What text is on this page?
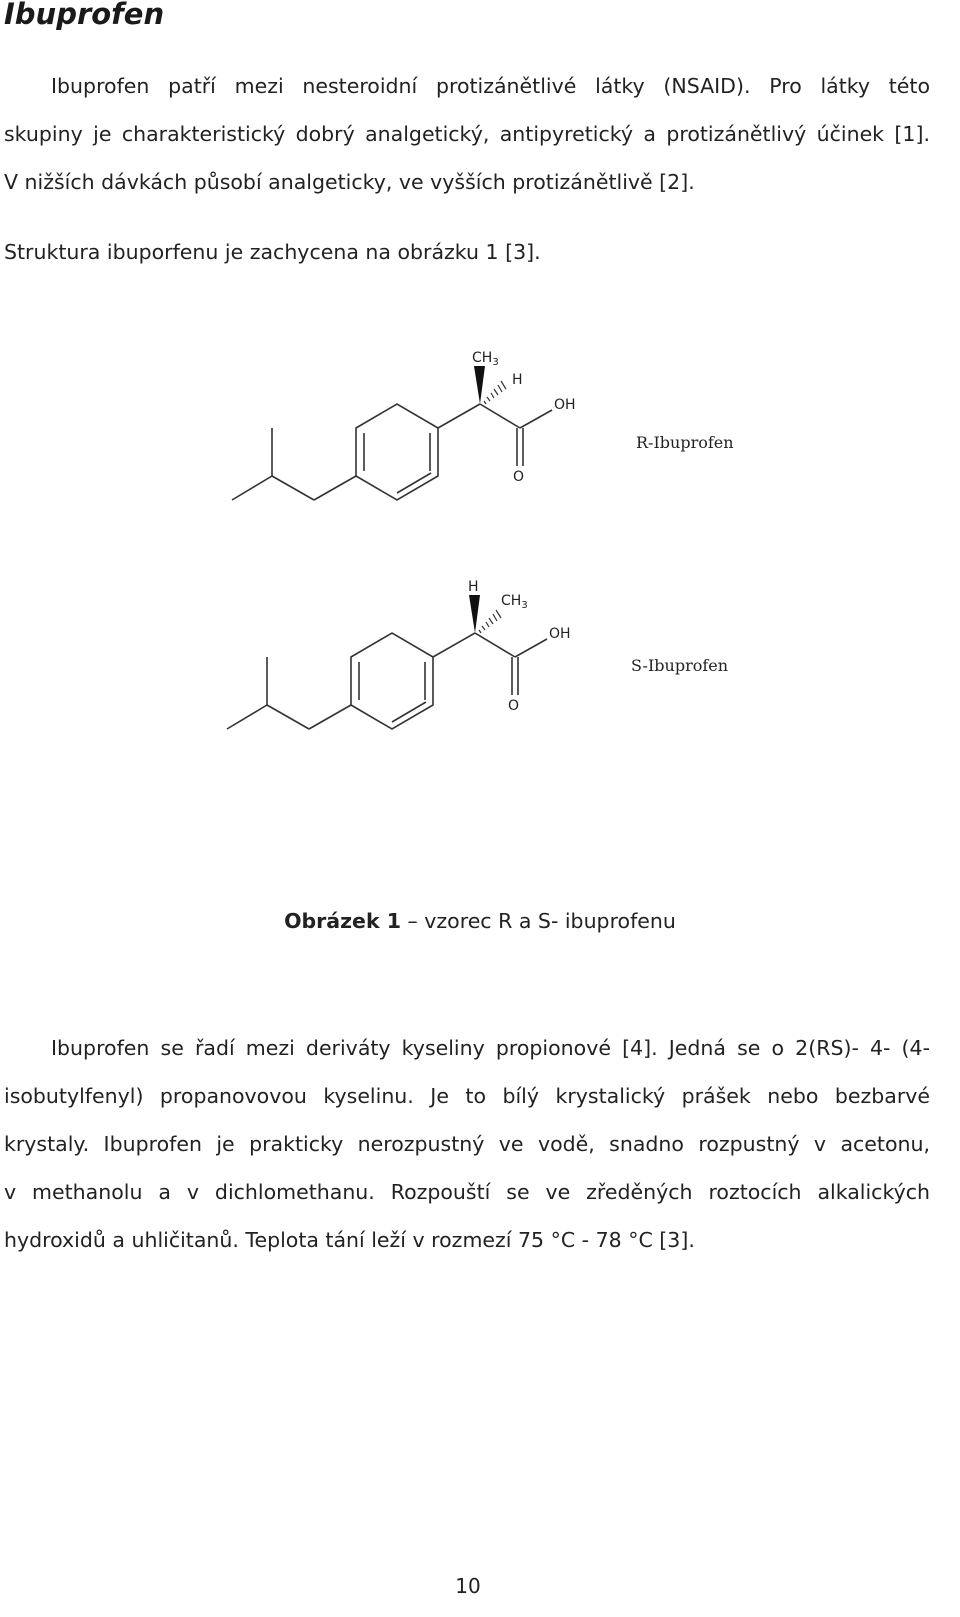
Ibuprofen
Ibuprofen patří mezi nesteroidní protizánětlivé látky (NSAID). Pro látky této
skupiny je charakteristický dobrý analgetický, antipyretický a protizánětlivý účinek [1].
V nižších dávkách působí analgeticky, ve vyšších protizánětlivě [2].
Struktura ibuporfenu je zachycena na obrázku 1 [3].
$CH_3$
H
OH
O
R-Ibuprofen
H
$CH_3$
OH
O
S-Ibuprofen

Obrázek 1 – vzorec R a S- ibuprofenu

Ibuprofen se řadí mezi deriváty kyseliny propionové [4]. Jedná se o 2(RS)- 4- (4-
isobutylfenyl) propanovovou kyselinu. Je to bílý krystalický prášek nebo bezbarvé
krystaly. Ibuprofen je prakticky nerozpustný ve vodě, snadno rozpustný v acetonu,
v methanolu a v dichlomethanu. Rozpouští se ve zředěných roztocích alkalických
hydroxidů a uhličitanů. Teplota tání leží v rozmezí 75 °C - 78 °C [3].

10
